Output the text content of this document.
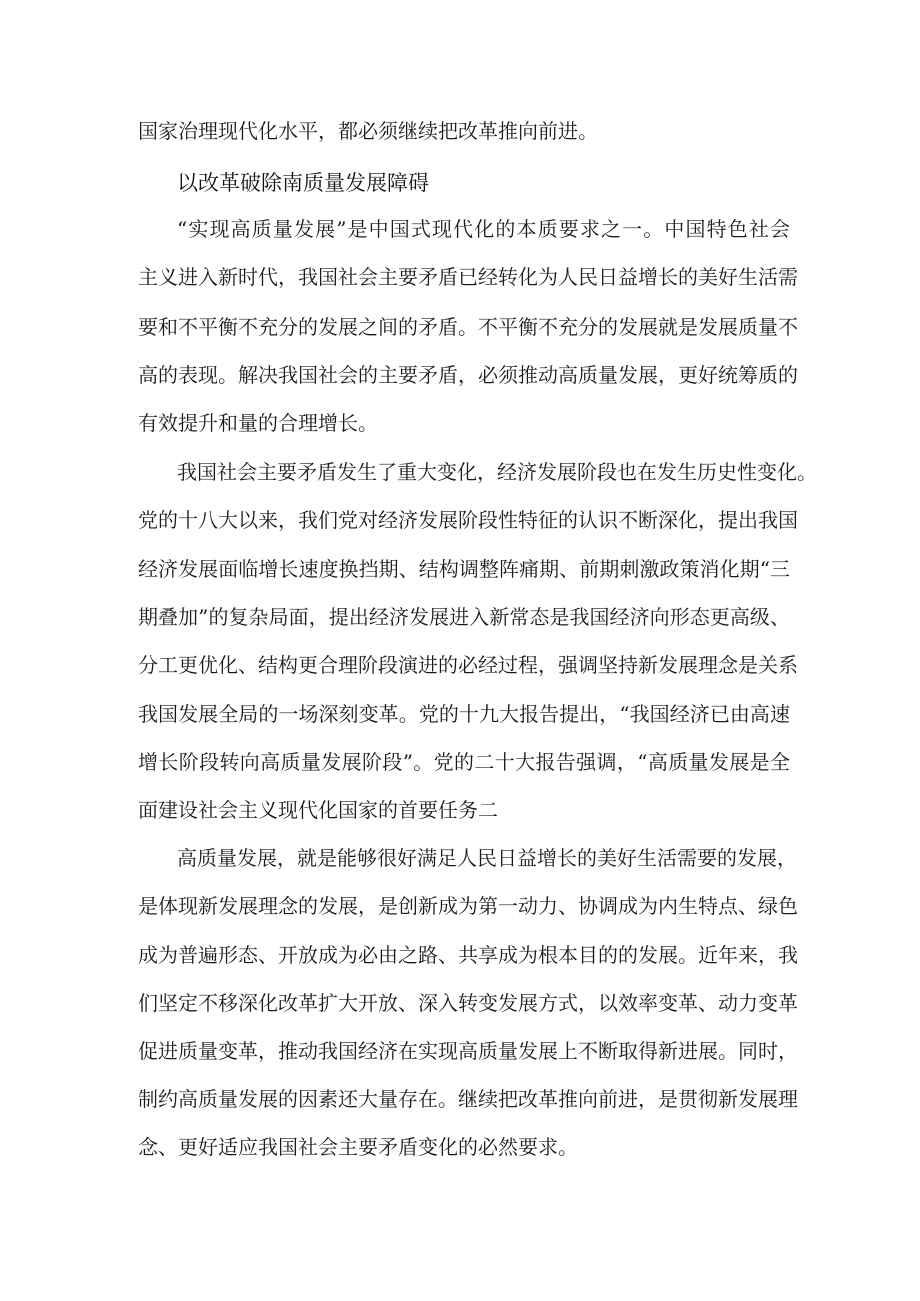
国家治理现代化水平，都必须继续把改革推向前进。
以改革破除南质量发展障碍
“实现高质量发展”是中国式现代化的本质要求之一。中国特色社会
主义进入新时代，我国社会主要矛盾已经转化为人民日益增长的美好生活需
要和不平衡不充分的发展之间的矛盾。不平衡不充分的发展就是发展质量不
高的表现。解决我国社会的主要矛盾，必须推动高质量发展，更好统筹质的
有效提升和量的合理增长。
我国社会主要矛盾发生了重大变化，经济发展阶段也在发生历史性变化。
党的十八大以来，我们党对经济发展阶段性特征的认识不断深化，提出我国
经济发展面临增长速度换挡期、结构调整阵痛期、前期刺激政策消化期“三
期叠加”的复杂局面，提出经济发展进入新常态是我国经济向形态更高级、
分工更优化、结构更合理阶段演进的必经过程，强调坚持新发展理念是关系
我国发展全局的一场深刻变革。党的十九大报告提出，“我国经济已由高速
增长阶段转向高质量发展阶段”。党的二十大报告强调，“高质量发展是全
面建设社会主义现代化国家的首要任务二
高质量发展，就是能够很好满足人民日益增长的美好生活需要的发展，
是体现新发展理念的发展，是创新成为第一动力、协调成为内生特点、绿色
成为普遍形态、开放成为必由之路、共享成为根本目的的发展。近年来，我
们坚定不移深化改革扩大开放、深入转变发展方式，以效率变革、动力变革
促进质量变革，推动我国经济在实现高质量发展上不断取得新进展。同时，
制约高质量发展的因素还大量存在。继续把改革推向前进，是贯彻新发展理
念、更好适应我国社会主要矛盾变化的必然要求。
